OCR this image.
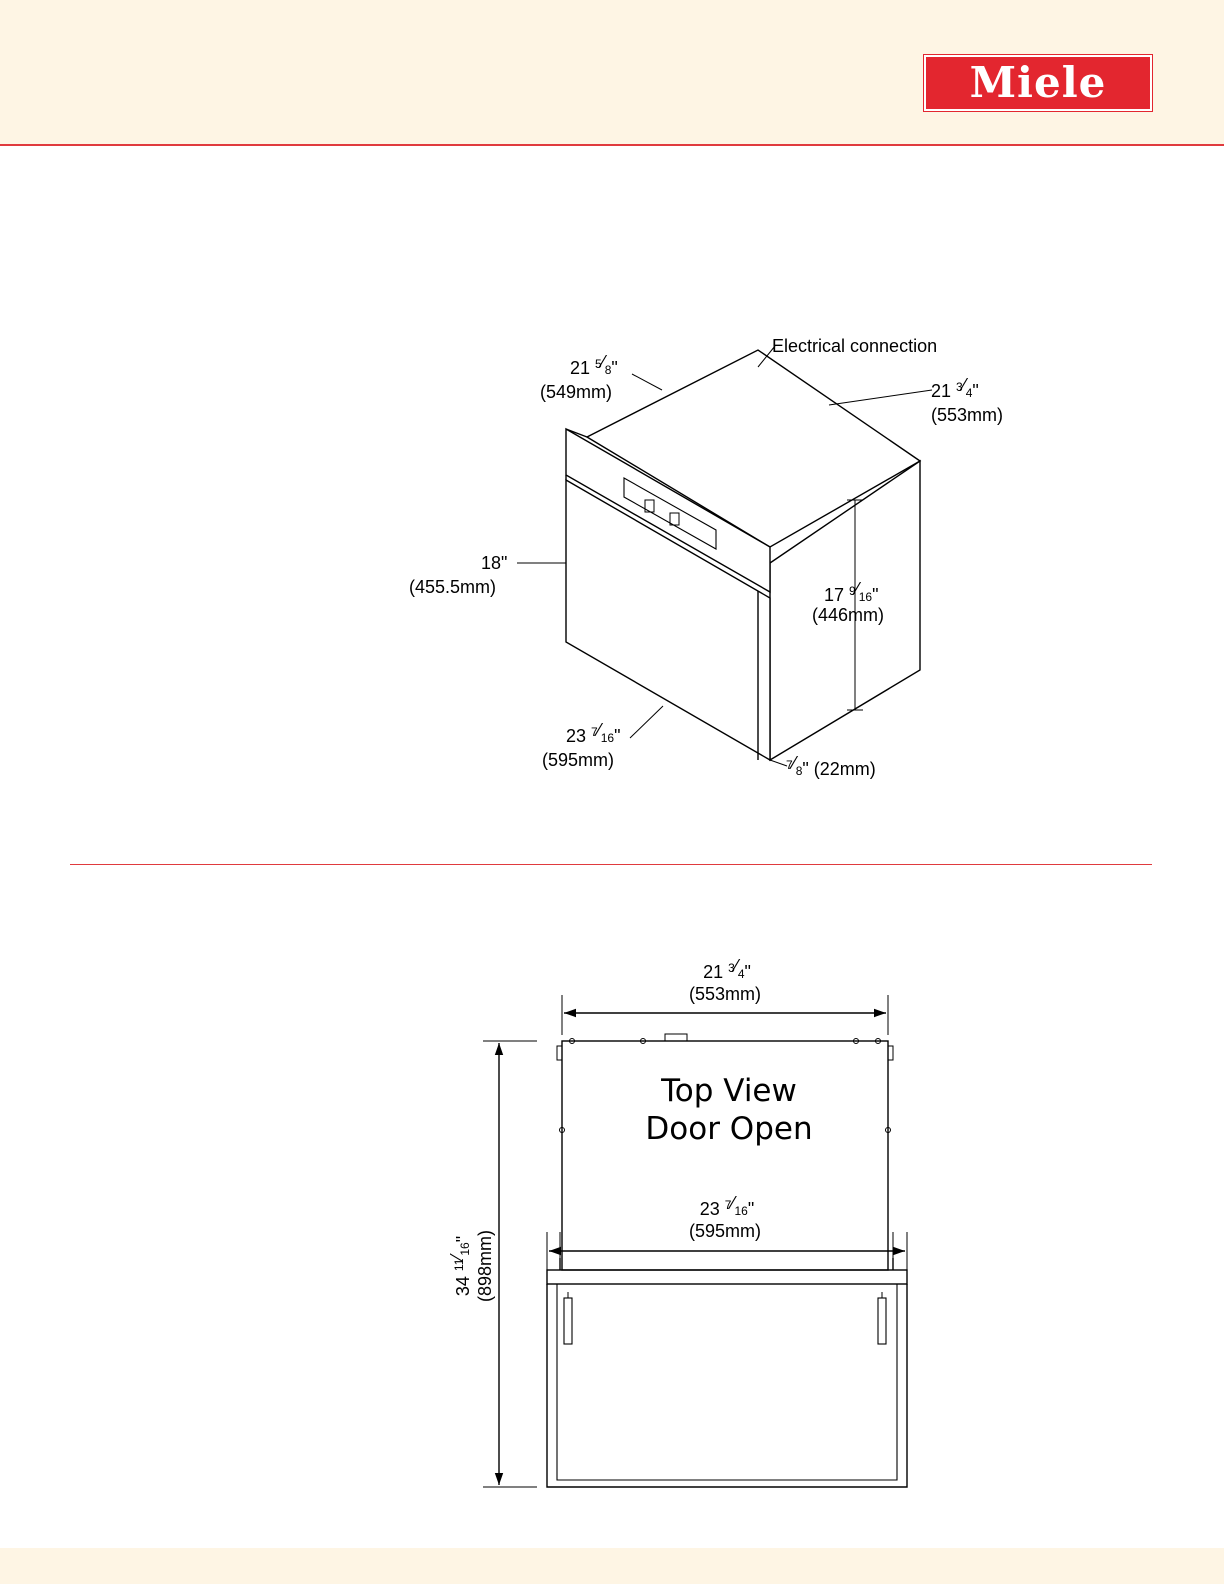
Miele
Electrical connection
21 $^5⁄_8$"
(549mm)	21 $^3⁄_4$"
(553mm)
18"
(455.5mm)	17 $^9⁄_{16}$"
(446mm)
23 $^7⁄_{16}$"
(595mm)	$^7⁄_8$" (22mm)
Top View
Door Open
21 $^3⁄_4$"
(553mm)
23 $^7⁄_{16}$"
(595mm)
34 $^{11}⁄_{16}$" (898mm)
